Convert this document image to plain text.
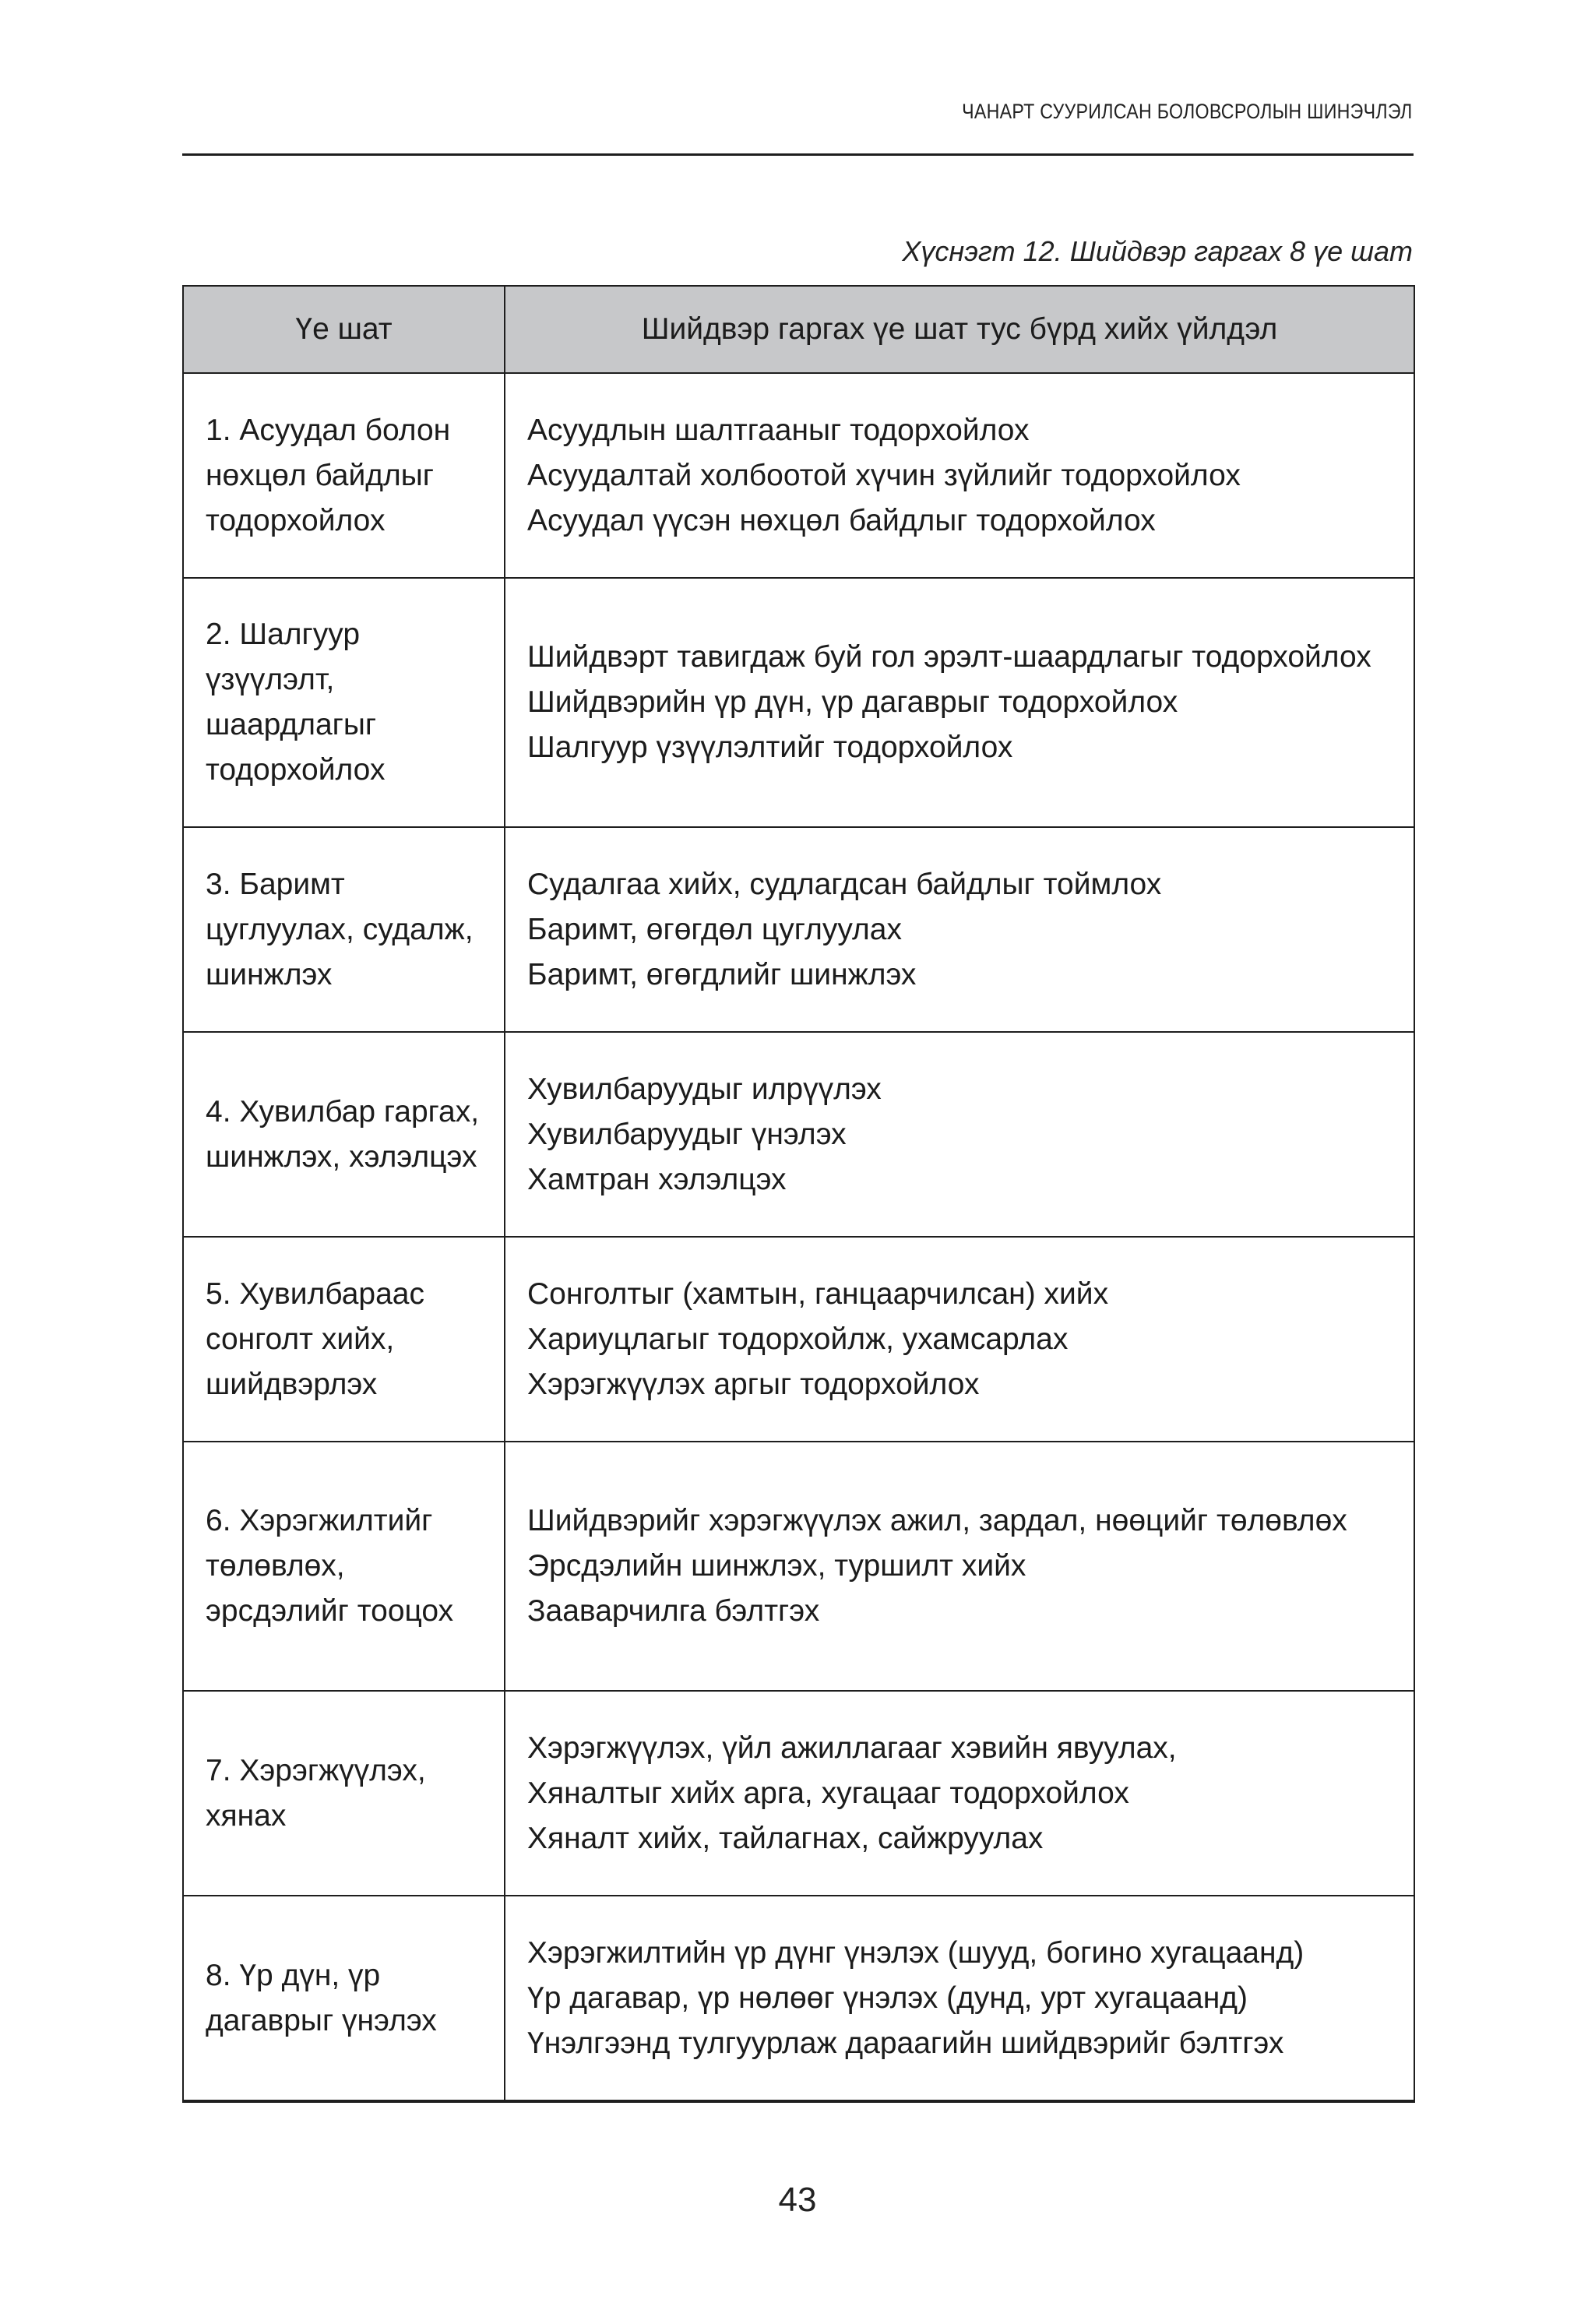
ЧАНАРТ СУУРИЛСАН БОЛОВСРОЛЫН ШИНЭЧЛЭЛ
Хүснэгт 12. Шийдвэр гаргах 8 үе шат
Үе шат	Шийдвэр гаргах үе шат тус бүрд хийх үйлдэл
1. Асуудал болон нөхцөл байдлыг тодорхойлох	Асуудлын шалтгааныг тодорхойлох
Асуудалтай холбоотой хүчин зүйлийг тодорхойлох
Асуудал үүсэн нөхцөл байдлыг тодорхойлох

2. Шалгуур үзүүлэлт, шаардлагыг тодорхойлох	Шийдвэрт тавигдаж буй гол эрэлт-шаардлагыг тодорхойлох
Шийдвэрийн үр дүн, үр дагаврыг тодорхойлох
Шалгуур үзүүлэлтийг тодорхойлох

3. Баримт цуглуулах, судалж, шинжлэх	Судалгаа хийх, судлагдсан байдлыг тоймлох
Баримт, өгөгдөл цуглуулах
Баримт, өгөгдлийг шинжлэх

4. Хувилбар гаргах, шинжлэх, хэлэлцэх	Хувилбаруудыг илрүүлэх
Хувилбаруудыг үнэлэх
Хамтран хэлэлцэх

5. Хувилбараас сонголт хийх, шийдвэрлэх	Сонголтыг (хамтын, ганцаарчилсан) хийх
Хариуцлагыг тодорхойлж, ухамсарлах
Хэрэгжүүлэх аргыг тодорхойлох

6. Хэрэгжилтийг төлөвлөх, эрсдэлийг тооцох	Шийдвэрийг хэрэгжүүлэх ажил, зардал, нөөцийг төлөвлөх
Эрсдэлийн шинжлэх, туршилт хийх
Зааварчилга бэлтгэх

7. Хэрэгжүүлэх, хянах	Хэрэгжүүлэх, үйл ажиллагааг хэвийн явуулах,
Хяналтыг хийх арга, хугацааг тодорхойлох
Хяналт хийх, тайлагнах, сайжруулах

8. Үр дүн, үр дагаврыг үнэлэх	Хэрэгжилтийн үр дүнг үнэлэх (шууд, богино хугацаанд)
Үр дагавар, үр нөлөөг үнэлэх (дунд, урт хугацаанд)
Үнэлгээнд тулгуурлаж дараагийн шийдвэрийг бэлтгэх
43
